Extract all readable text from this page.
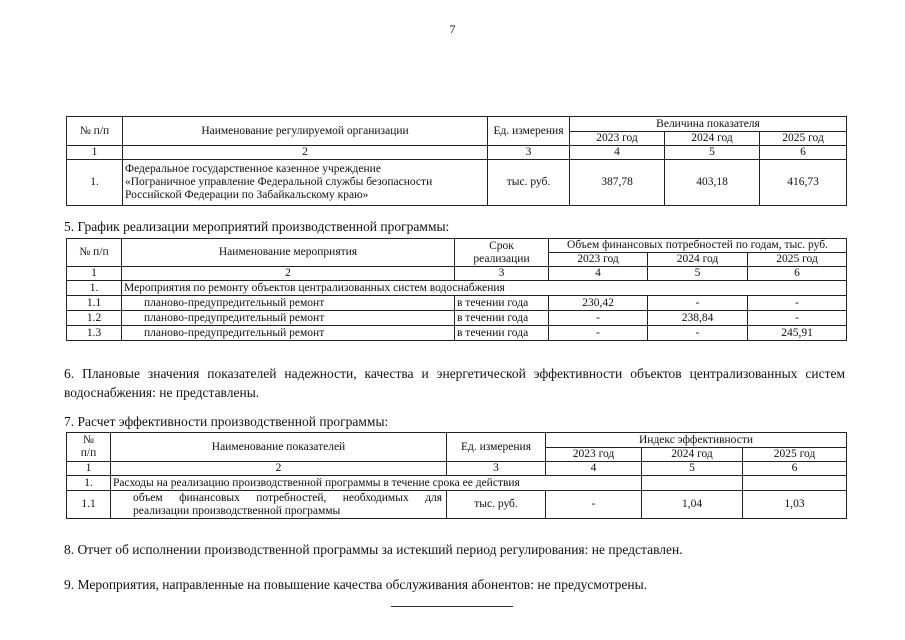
7
№ п/п	Наименование регулируемой организации	Ед. измерения	Величина показателя		
			2023 год	2024 год	2025 год
1	2	3	4	5	6
1.	Федеральное государственное казенное учреждение
«Пограничное управление Федеральной службы безопасности
Российской Федерации по Забайкальскому краю»	тыс. руб.	387,78	403,18	416,73
5. График реализации мероприятий производственной программы:
№ п/п	Наименование мероприятия	Срок
реализации	Объем финансовых потребностей по годам, тыс. руб.		
			2023 год	2024 год	2025 год
1	2	3	4	5	6
1.	Мероприятия по ремонту объектов централизованных систем водоснабжения				
1.1	планово-предупредительный ремонт	в течении года	230,42	-	-
1.2	планово-предупредительный ремонт	в течении года	-	238,84	-
1.3	планово-предупредительный ремонт	в течении года	-	-	245,91
6. Плановые значения показателей надежности, качества и энергетической эффективности объектов централизованных систем водоснабжения: не представлены.
7. Расчет эффективности производственной программы:
№
п/п	Наименование показателей	Ед. измерения	Индекс эффективности		
			2023 год	2024 год	2025 год
1	2	3	4	5	6
1.	Расходы на реализацию производственной программы в течение срока ее действия				
1.1	объем финансовых потребностей, необходимых для реализации производственной программы	тыс. руб.	-	1,04	1,03
8. Отчет об исполнении производственной программы за истекший период регулирования: не представлен.
9. Мероприятия, направленные на повышение качества обслуживания абонентов: не предусмотрены.
